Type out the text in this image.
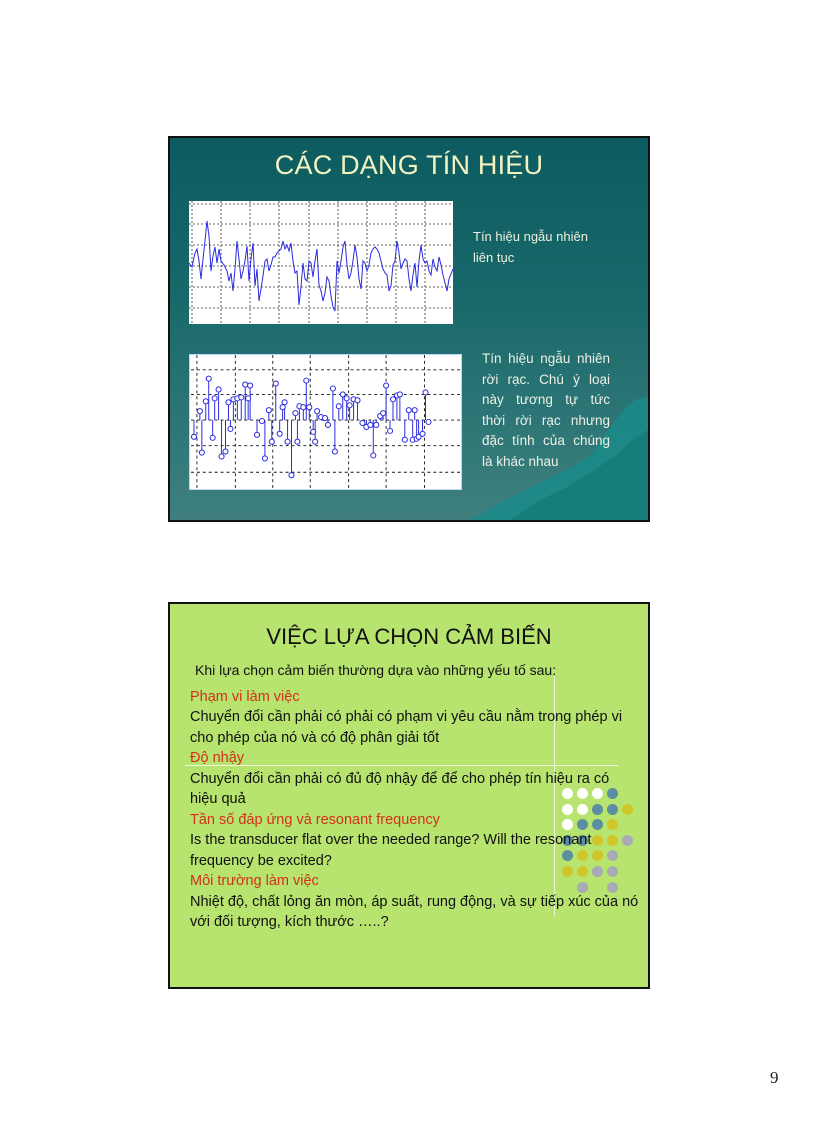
CÁC DẠNG TÍN HIỆU
Tín hiệu ngẫu nhiên liên tục
Tín hiệu ngẫu nhiên rời rạc. Chú ý loại này tương tự tức thời rời rạc nhưng đặc tính của chúng là khác nhau
VIỆC LỰA CHỌN CẢM BIẾN
Khi lựa chọn cảm biến thường dựa vào những yếu tố sau:
Phạm vi làm việc
Chuyển đổi cần phải có phải có phạm vi yêu cầu nằm trong phép vi cho phép của nó và có độ phân giải tốt
Độ nhậy
Chuyển đổi cần phải có đủ độ nhậy để để cho phép tín hiệu ra có hiệu quả
Tần số đáp ứng và resonant frequency
Is the transducer flat over the needed range? Will the resonant frequency be excited?
Môi trường làm việc
Nhiệt độ, chất lỏng ăn mòn, áp suất, rung động, và sự tiếp xúc của nó với đối tượng, kích thước …..?
9
